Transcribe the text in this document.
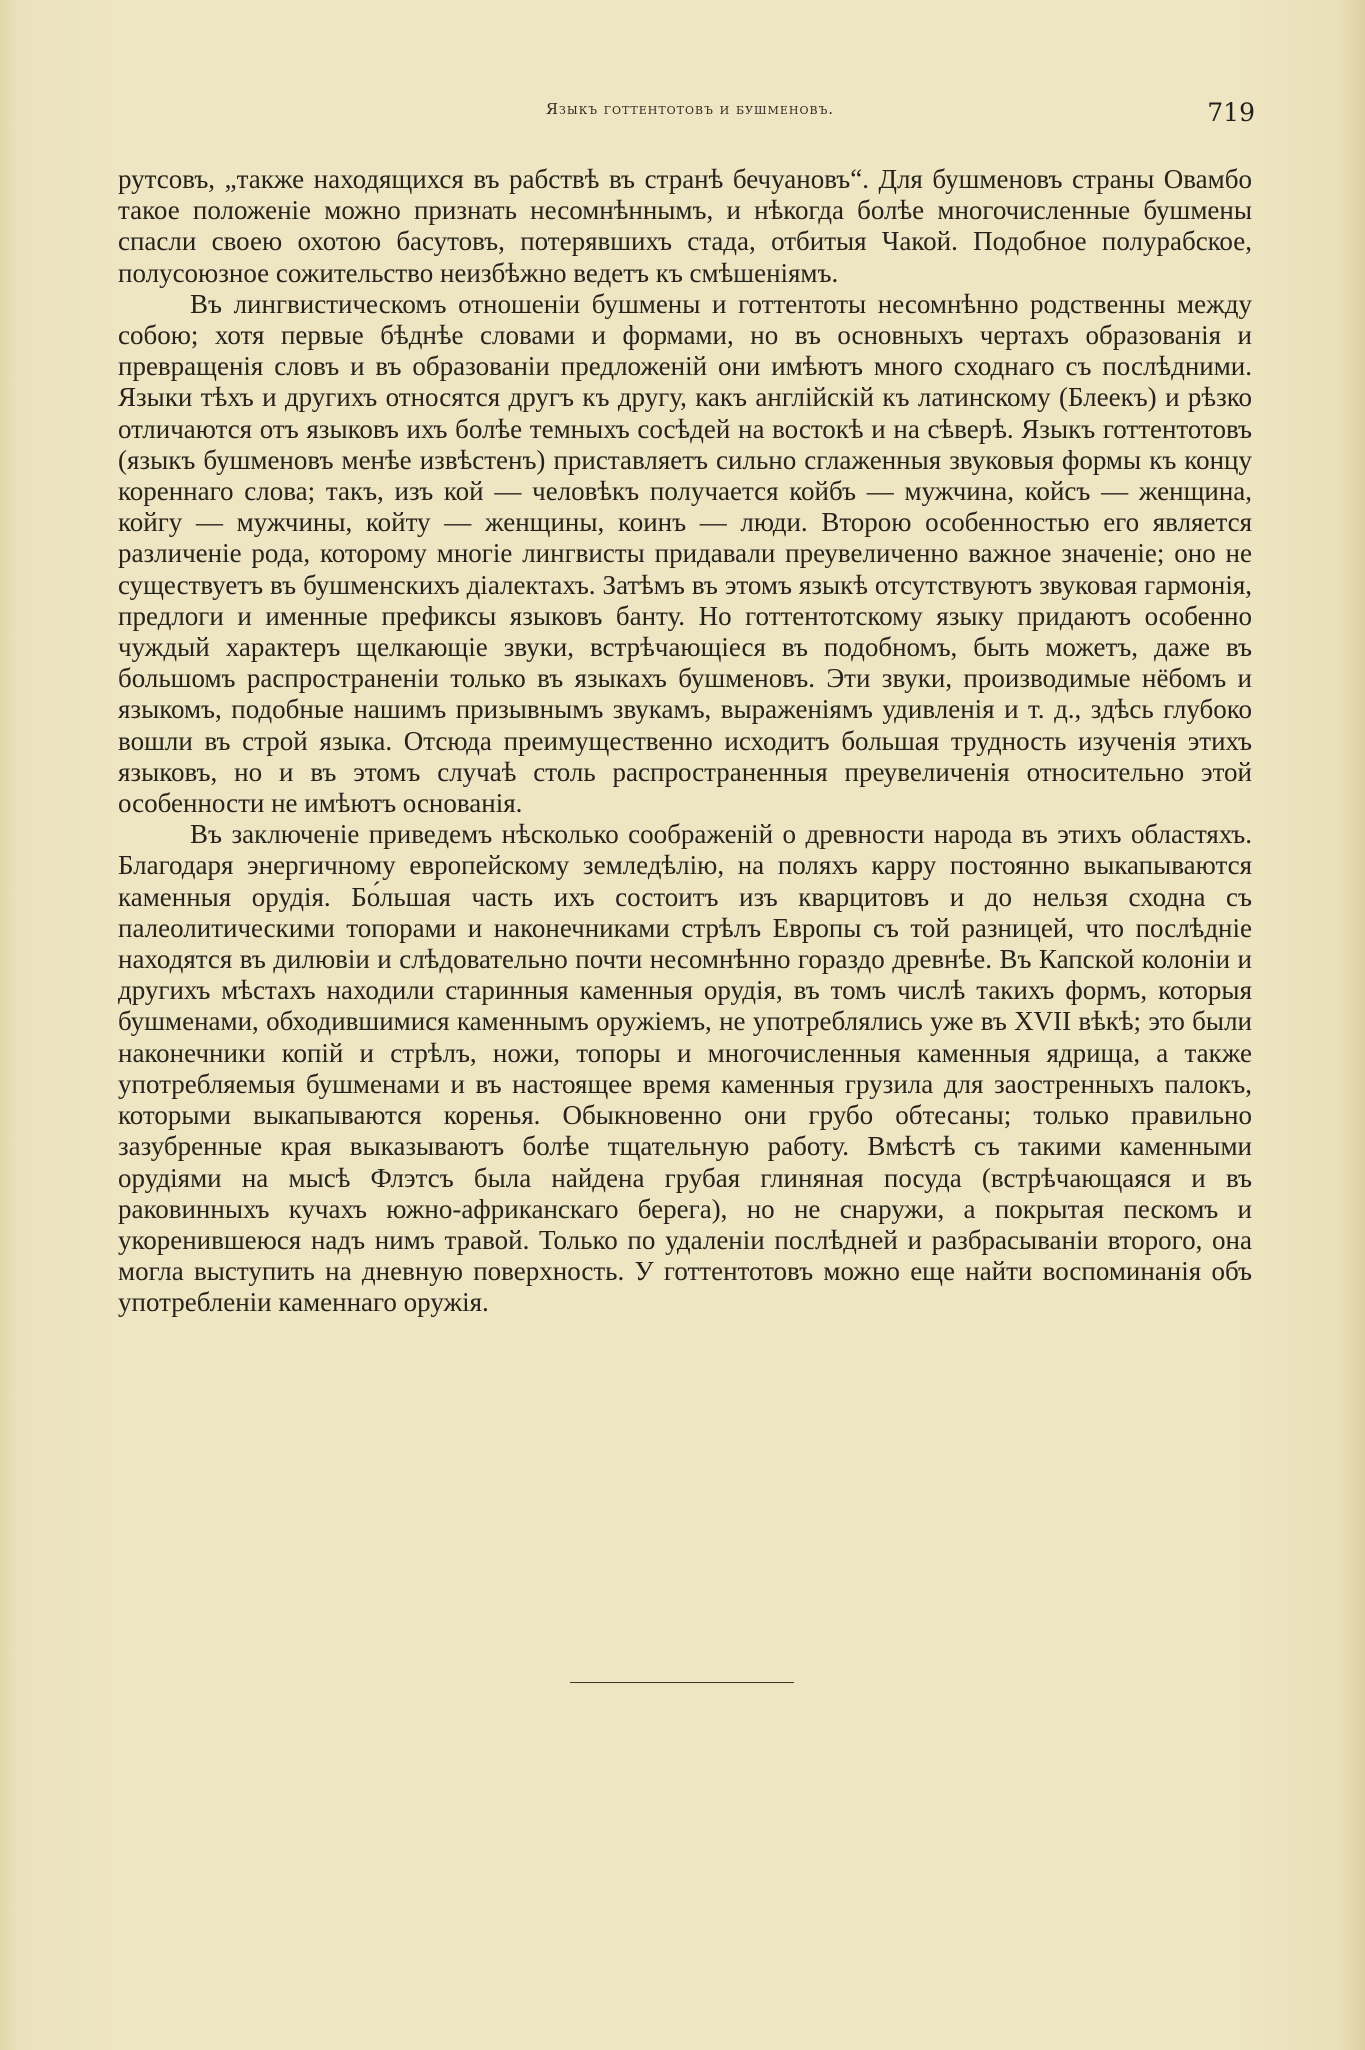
Языкъ готтентотовъ и бушменовъ.	719

рутсовъ, „также находящихся въ рабствѣ въ странѣ бечуановъ“. Для бушменовъ страны Овамбо такое положеніе можно признать несомнѣннымъ, и нѣкогда болѣе многочисленные бушмены спасли своею охотою басутовъ, потерявшихъ стада, отбитыя Чакой. Подобное полурабское, полусоюзное сожительство неизбѣжно ведетъ къ смѣшеніямъ.

Въ лингвистическомъ отношеніи бушмены и готтентоты несомнѣнно родственны между собою; хотя первые бѣднѣе словами и формами, но въ основныхъ чертахъ образованія и превращенія словъ и въ образованіи предложеній они имѣютъ много сходнаго съ послѣдними. Языки тѣхъ и другихъ относятся другъ къ другу, какъ англійскій къ латинскому (Блеекъ) и рѣзко отличаются отъ языковъ ихъ болѣе темныхъ сосѣдей на востокѣ и на сѣверѣ. Языкъ готтентотовъ (языкъ бушменовъ менѣе извѣстенъ) приставляетъ сильно сглаженныя звуковыя формы къ концу кореннаго слова; такъ, изъ кой — человѣкъ получается койбъ — мужчина, койсъ — женщина, койгу — мужчины, койту — женщины, коинъ — люди. Второю особенностью его является различеніе рода, которому многіе лингвисты придавали преувеличенно важное значеніе; оно не существуетъ въ бушменскихъ діалектахъ. Затѣмъ въ этомъ языкѣ отсутствуютъ звуковая гармонія, предлоги и именные префиксы языковъ банту. Но готтентотскому языку придаютъ особенно чуждый характеръ щелкающіе звуки, встрѣчающіеся въ подобномъ, быть можетъ, даже въ большомъ распространеніи только въ языкахъ бушменовъ. Эти звуки, производимые нёбомъ и языкомъ, подобные нашимъ призывнымъ звукамъ, выраженіямъ удивленія и т. д., здѣсь глубоко вошли въ строй языка. Отсюда преимущественно исходитъ большая трудность изученія этихъ языковъ, но и въ этомъ случаѣ столь распространенныя преувеличенія относительно этой особенности не имѣютъ основанія.

Въ заключеніе приведемъ нѣсколько соображеній о древности народа въ этихъ областяхъ. Благодаря энергичному европейскому земледѣлію, на поляхъ карру постоянно выкапываются каменныя орудія. Бо́льшая часть ихъ состоитъ изъ кварцитовъ и до нельзя сходна съ палеолитическими топорами и наконечниками стрѣлъ Европы съ той разницей, что послѣдніе находятся въ дилювіи и слѣдовательно почти несомнѣнно гораздо древнѣе. Въ Капской колоніи и другихъ мѣстахъ находили старинныя каменныя орудія, въ томъ числѣ такихъ формъ, которыя бушменами, обходившимися каменнымъ оружіемъ, не употреблялись уже въ XVII вѣкѣ; это были наконечники копій и стрѣлъ, ножи, топоры и многочисленныя каменныя ядрища, а также употребляемыя бушменами и въ настоящее время каменныя грузила для заостренныхъ палокъ, которыми выкапываются коренья. Обыкновенно они грубо обтесаны; только правильно зазубренные края выказываютъ болѣе тщательную работу. Вмѣстѣ съ такими каменными орудіями на мысѣ Флэтсъ была найдена грубая глиняная посуда (встрѣчающаяся и въ раковинныхъ кучахъ южно-африканскаго берега), но не снаружи, а покрытая пескомъ и укоренившеюся надъ нимъ травой. Только по удаленіи послѣдней и разбрасываніи второго, она могла выступить на дневную поверхность. У готтентотовъ можно еще найти воспоминанія объ употребленіи каменнаго оружія.
